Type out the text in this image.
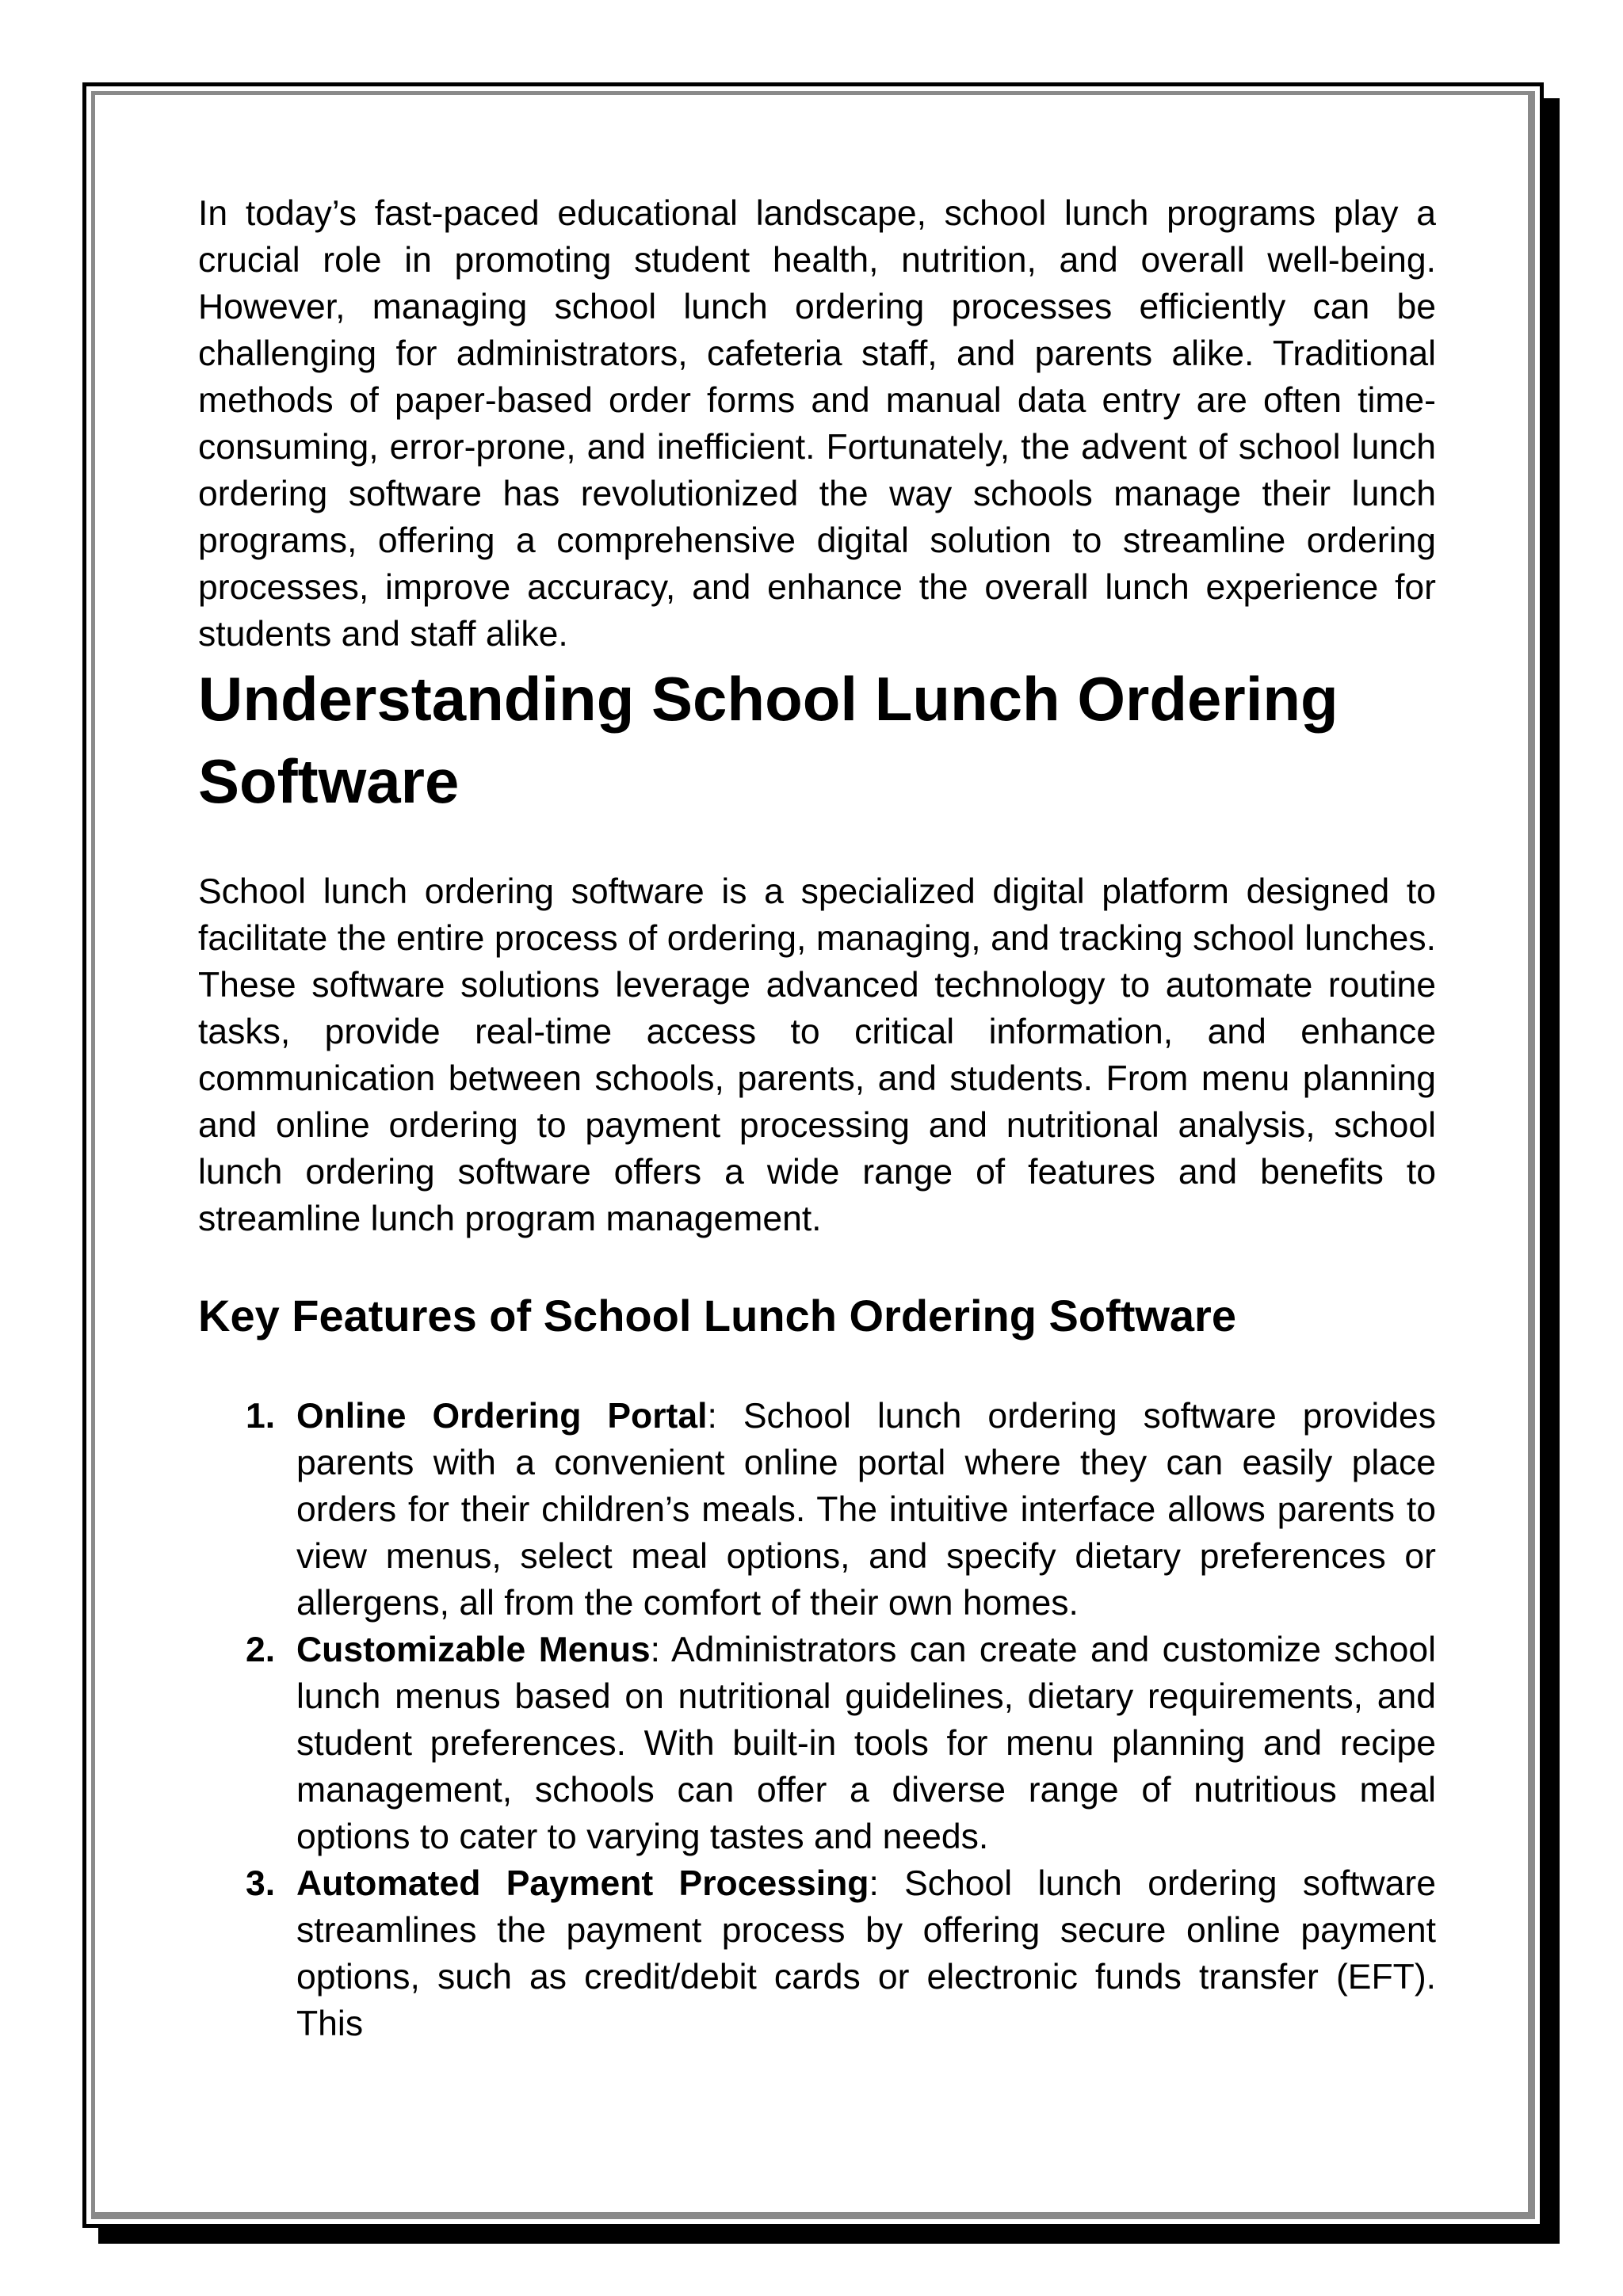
In today’s fast-paced educational landscape, school lunch programs play a crucial role in promoting student health, nutrition, and overall well-being. However, managing school lunch ordering processes efficiently can be challenging for administrators, cafeteria staff, and parents alike. Traditional methods of paper-based order forms and manual data entry are often time- consuming, error-prone, and inefficient. Fortunately, the advent of school lunch ordering software has revolutionized the way schools manage their lunch programs, offering a comprehensive digital solution to streamline ordering processes, improve accuracy, and enhance the overall lunch experience for students and staff alike.

Understanding School Lunch Ordering Software

School lunch ordering software is a specialized digital platform designed to facilitate the entire process of ordering, managing, and tracking school lunches. These software solutions leverage advanced technology to automate routine tasks, provide real-time access to critical information, and enhance communication between schools, parents, and students. From menu planning and online ordering to payment processing and nutritional analysis, school lunch ordering software offers a wide range of features and benefits to streamline lunch program management.

Key Features of School Lunch Ordering Software
1. Online Ordering Portal: School lunch ordering software provides parents with a convenient online portal where they can easily place orders for their children’s meals. The intuitive interface allows parents to view menus, select meal options, and specify dietary preferences or allergens, all from the comfort of their own homes.
2. Customizable Menus: Administrators can create and customize school lunch menus based on nutritional guidelines, dietary requirements, and student preferences. With built-in tools for menu planning and recipe management, schools can offer a diverse range of nutritious meal options to cater to varying tastes and needs.
3. Automated Payment Processing: School lunch ordering software streamlines the payment process by offering secure online payment options, such as credit/debit cards or electronic funds transfer (EFT). This
